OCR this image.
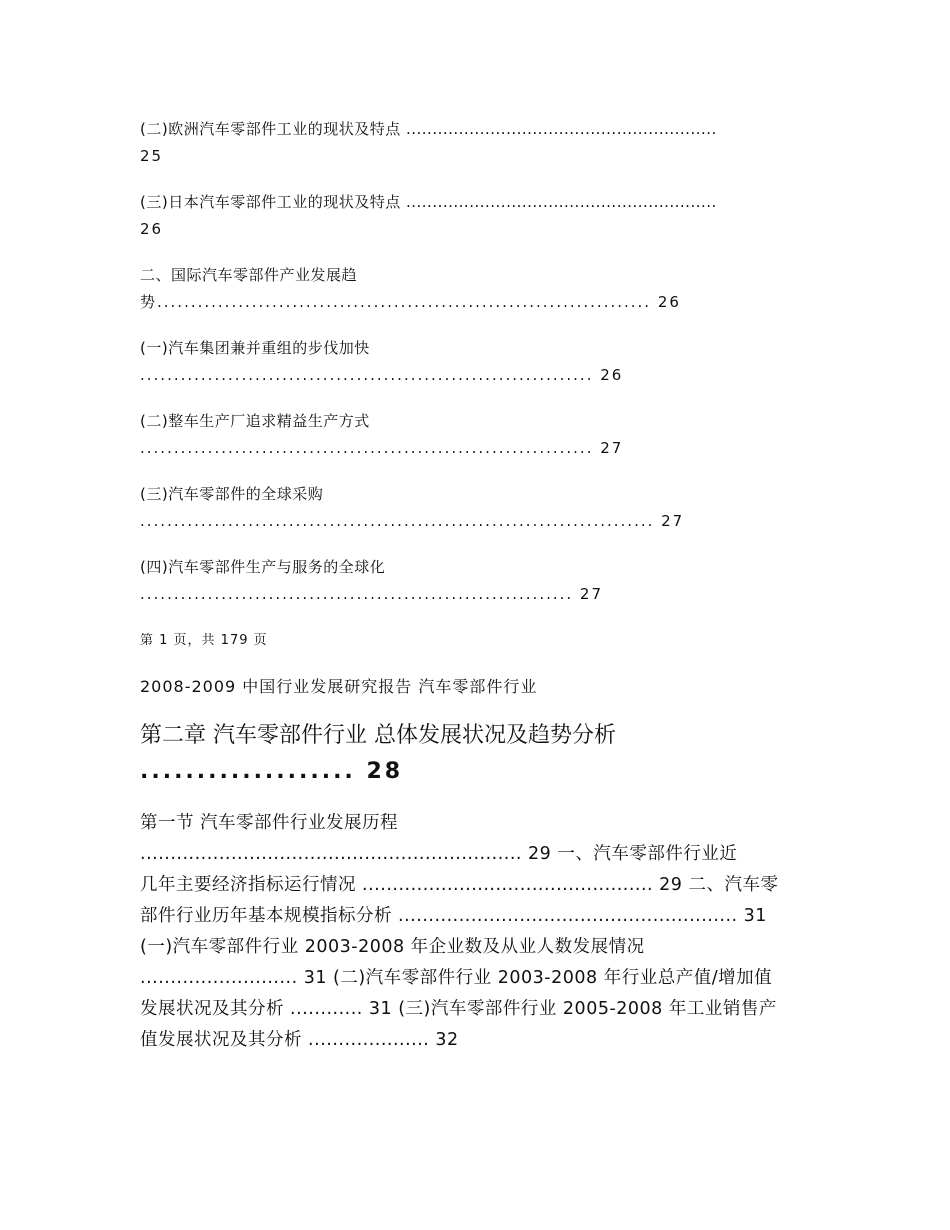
(二)欧洲汽车零部件工业的现状及特点 ...........................................................
25
(三)日本汽车零部件工业的现状及特点 ...........................................................
26
二、国际汽车零部件产业发展趋
势......................................................................... 26
(一)汽车集团兼并重组的步伐加快
................................................................... 26
(二)整车生产厂追求精益生产方式
................................................................... 27
(三)汽车零部件的全球采购
............................................................................ 27
(四)汽车零部件生产与服务的全球化
................................................................ 27
第 1 页，共 179 页
2008-2009 中国行业发展研究报告 汽车零部件行业
第二章 汽车零部件行业 总体发展状况及趋势分析
................... 28
第一节 汽车零部件行业发展历程
............................................................... 29 一、汽车零部件行业近
几年主要经济指标运行情况 ................................................ 29 二、汽车零
部件行业历年基本规模指标分析 ........................................................ 31
(一)汽车零部件行业 2003-2008 年企业数及从业人数发展情况
.......................... 31 (二)汽车零部件行业 2003-2008 年行业总产值/增加值
发展状况及其分析 ............ 31 (三)汽车零部件行业 2005-2008 年工业销售产
值发展状况及其分析 .................... 32
